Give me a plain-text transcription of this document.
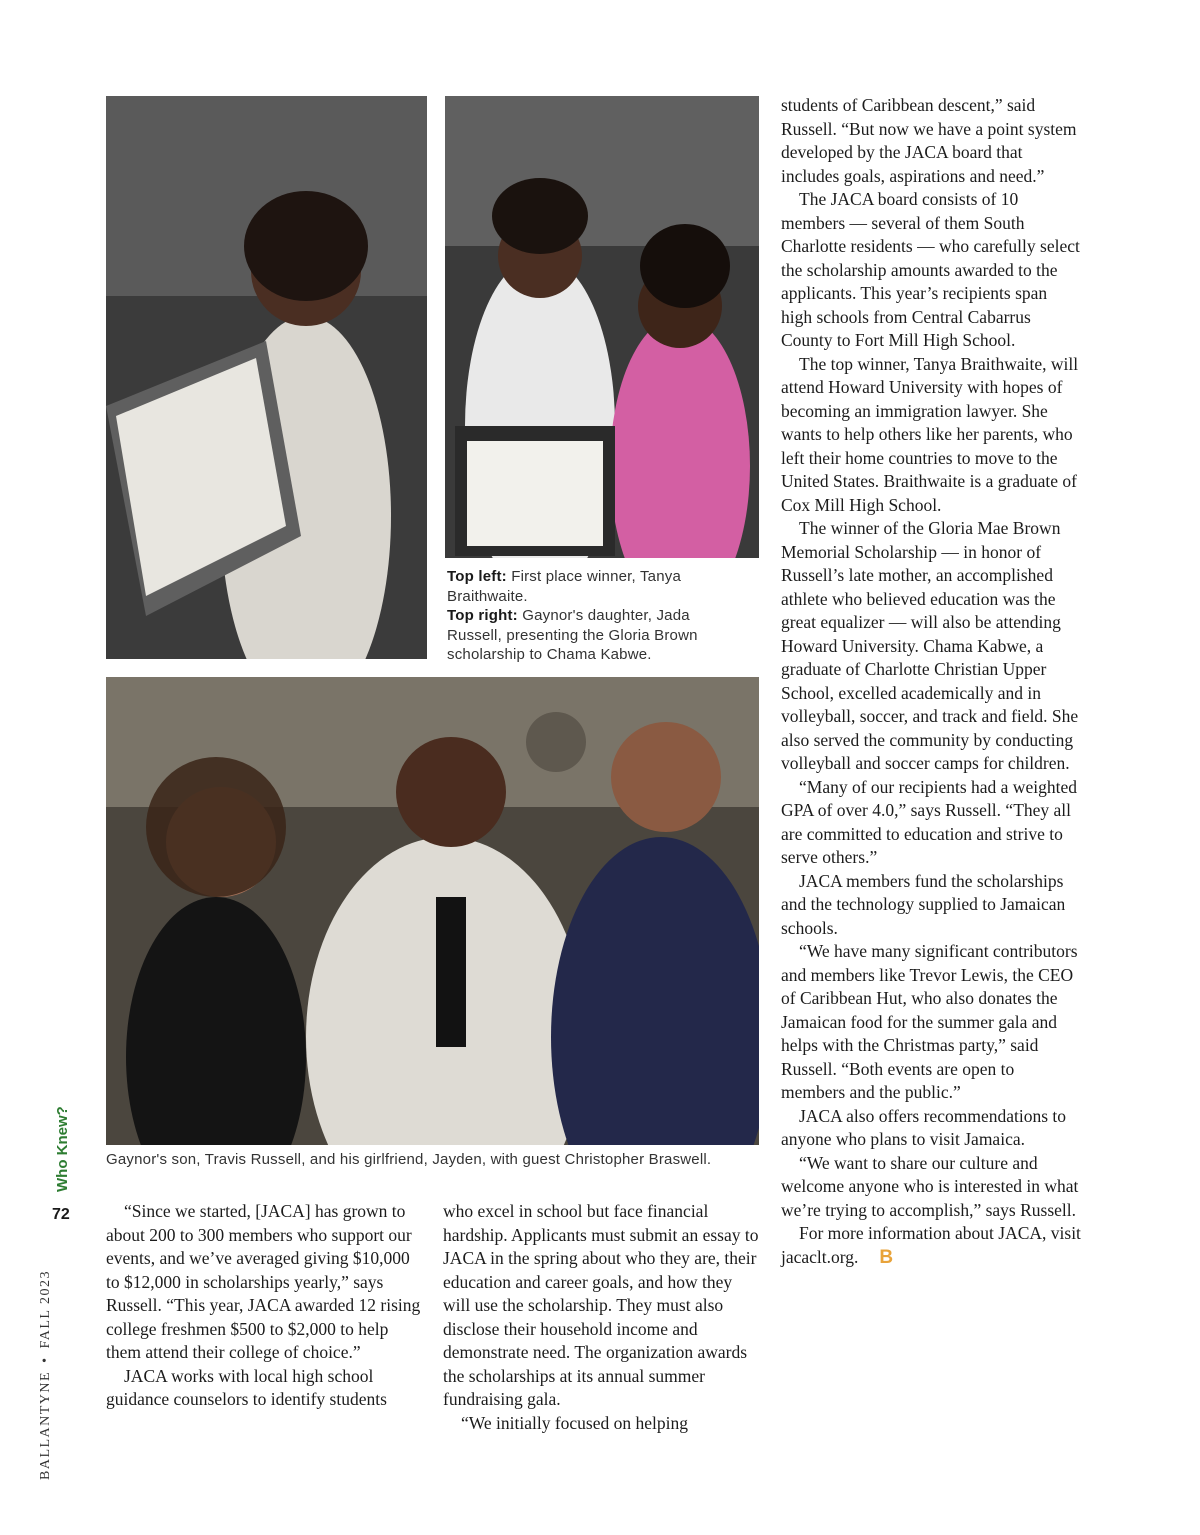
Top left: First place winner, Tanya Braithwaite.
Top right: Gaynor's daughter, Jada Russell, presenting the Gloria Brown scholarship to Chama Kabwe.
Gaynor's son, Travis Russell, and his girlfriend, Jayden, with guest Christopher Braswell.

“Since we started, [JACA] has grown to about 200 to 300 members who support our events, and we’ve averaged giving $10,000 to $12,000 in scholarships yearly,” says Russell. “This year, JACA awarded 12 rising college freshmen $500 to $2,000 to help them attend their college of choice.”

JACA works with local high school guidance counselors to identify students

who excel in school but face financial hardship. Applicants must submit an essay to JACA in the spring about who they are, their education and career goals, and how they will use the scholarship. They must also disclose their household income and demonstrate need. The organization awards the scholarships at its annual summer fundraising gala.

“We initially focused on helping

students of Caribbean descent,” said Russell. “But now we have a point system developed by the JACA board that includes goals, aspirations and need.”

The JACA board consists of 10 members — several of them South Charlotte residents — who carefully select the scholarship amounts awarded to the applicants. This year’s recipients span high schools from Central Cabarrus County to Fort Mill High School.

The top winner, Tanya Braithwaite, will attend Howard University with hopes of becoming an immigration lawyer. She wants to help others like her parents, who left their home countries to move to the United States. Braithwaite is a graduate of Cox Mill High School.

The winner of the Gloria Mae Brown Memorial Scholarship — in honor of Russell’s late mother, an accomplished athlete who believed education was the great equalizer — will also be attending Howard University. Chama Kabwe, a graduate of Charlotte Christian Upper School, excelled academically and in volleyball, soccer, and track and field. She also served the community by conducting volleyball and soccer camps for children.

“Many of our recipients had a weighted GPA of over 4.0,” says Russell. “They all are committed to education and strive to serve others.”

JACA members fund the scholarships and the technology supplied to Jamaican schools.

“We have many significant contributors and members like Trevor Lewis, the CEO of Caribbean Hut, who also donates the Jamaican food for the summer gala and helps with the Christmas party,” said Russell. “Both events are open to members and the public.”

JACA also offers recommendations to anyone who plans to visit Jamaica.

“We want to share our culture and welcome anyone who is interested in what we’re trying to accomplish,” says Russell.

For more information about JACA, visit jacaclt.org. B

Who Knew?
72
BALLANTYNE
•
FALL 2023
